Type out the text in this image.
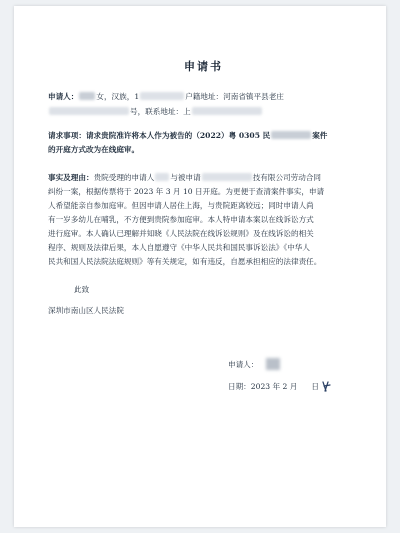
申请书
申请人： 女，汉族，1	户籍地址：河南省镇平县老庄
号，联系地址：上
请求事项：请求贵院准许将本人作为被告的（2022）粤 0305 民	案件
的开庭方式改为在线庭审。
事实及理由：贵院受理的申请人 与被申请	技有限公司劳动合同
纠纷一案，根据传票将于 2023 年 3 月 10 日开庭。为更便于查清案件事实，申请
人希望能亲自参加庭审。但因申请人居住上海，与贵院距离较远；同时申请人尚
有一岁多幼儿在哺乳，不方便到贵院参加庭审。本人特申请本案以在线诉讼方式
进行庭审。本人确认已理解并知晓《人民法院在线诉讼规则》及在线诉讼的相关
程序、规则及法律后果，本人自愿遵守《中华人民共和国民事诉讼法》《中华人
民共和国人民法院法庭规则》等有关规定，如有违反，自愿承担相应的法律责任。
此致
深圳市南山区人民法院
申请人：
日期：2023 年 2 月 日
